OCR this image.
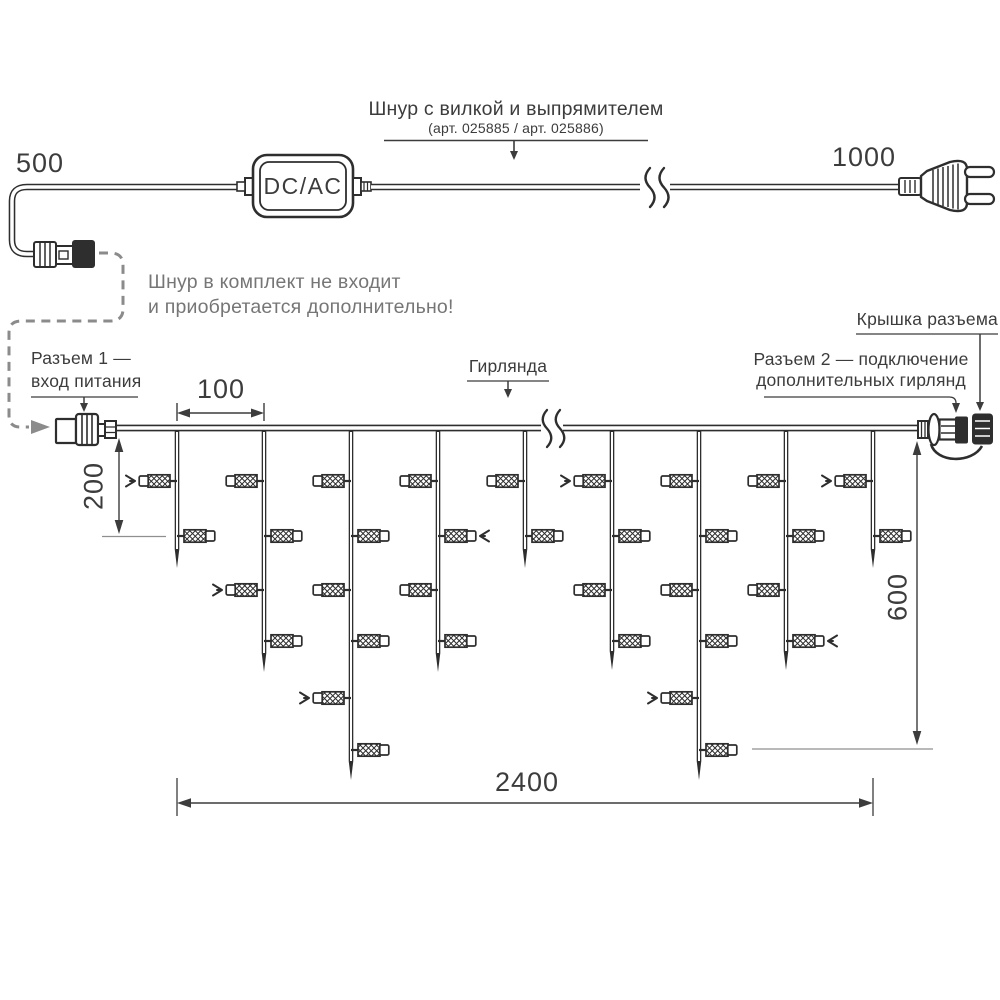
500
DC/AC
1000
Шнур с вилкой и выпрямителем
(арт. 025885 / арт. 025886)
Шнур в комплект не входит
и приобретается дополнительно!
Разъем 1 —
вход питания
Гирлянда	Разъем 2 — подключение
дополнительных гирлянд
Крышка разъема
100
200
600
2400
